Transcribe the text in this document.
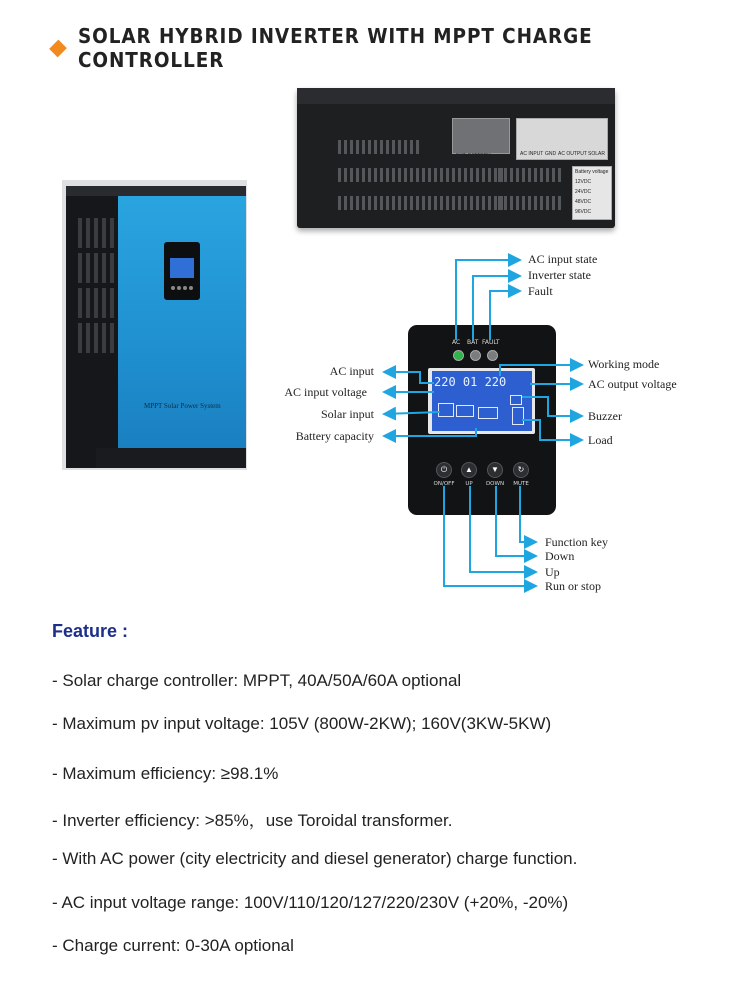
SOLAR HYBRID INVERTER WITH MPPT CHARGE CONTROLLER
EXT. BATTERY	AC INPUT GND AC OUTPUT SOLAR
Battery voltage
12VDC
24VDC
48VDC
96VDC
MPPT Solar Power System
AC BAT FAULT
220 01 220
⏻	▲	▼	↻
ON/OFF UP DOWN MUTE
AC input state
Inverter state
Fault
AC input
AC input voltage
Solar input
Battery capacity
Working mode
AC output voltage
Buzzer
Load
Function key
Down
Up
Run or stop
Feature :
- Solar charge controller: MPPT, 40A/50A/60A optional
- Maximum pv input voltage: 105V (800W-2KW); 160V(3KW-5KW)
- Maximum efficiency: ≥98.1%
- Inverter efficiency: >85%，use Toroidal transformer.
- With AC power (city electricity and diesel generator) charge function.
- AC input voltage range: 100V/110/120/127/220/230V (+20%, -20%)
- Charge current: 0-30A optional
